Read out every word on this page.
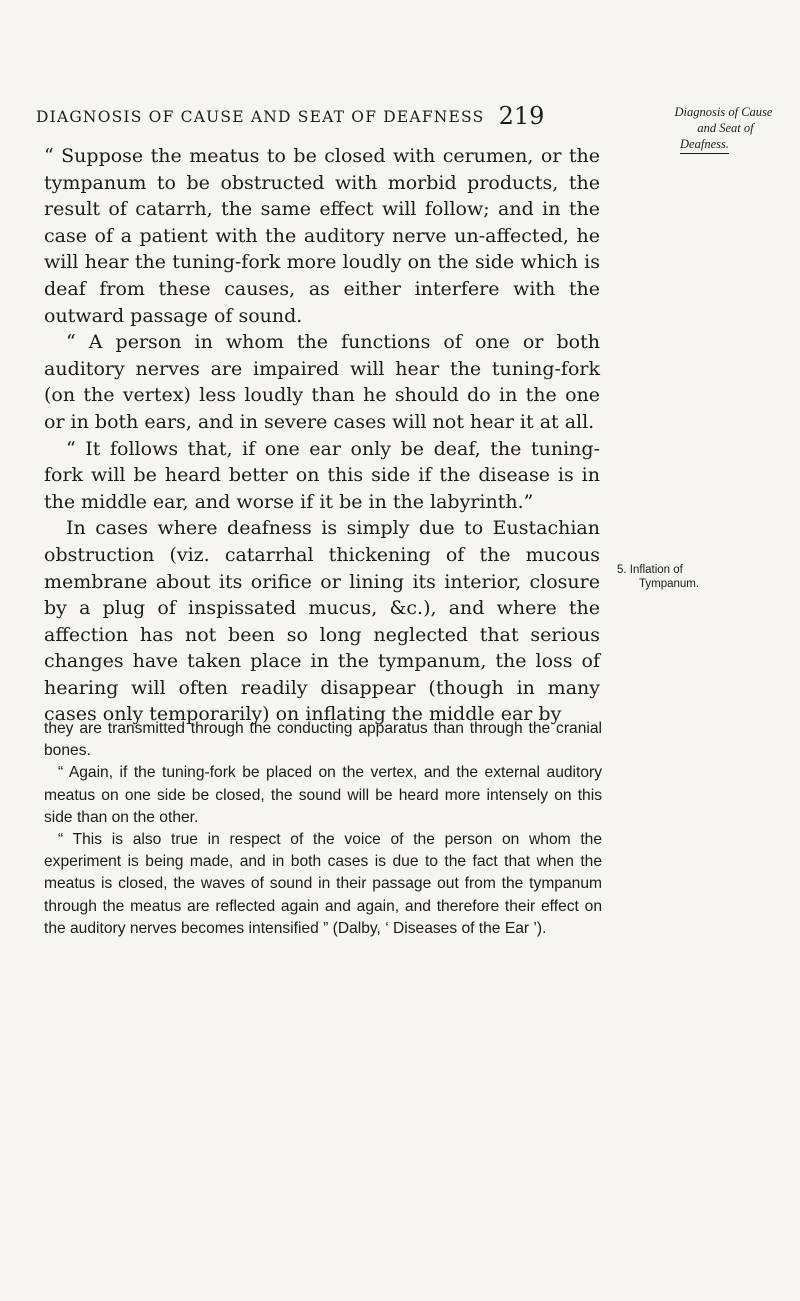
DIAGNOSIS OF CAUSE AND SEAT OF DEAFNESS 219	Diagnosis of Cause
and Seat of
Deafness.

“ Suppose the meatus to be closed with cerumen, or the tympanum to be obstructed with morbid products, the result of catarrh, the same effect will follow; and in the case of a patient with the auditory nerve un-affected, he will hear the tuning-fork more loudly on the side which is deaf from these causes, as either interfere with the outward passage of sound.

“ A person in whom the functions of one or both auditory nerves are impaired will hear the tuning-fork (on the vertex) less loudly than he should do in the one or in both ears, and in severe cases will not hear it at all.

“ It follows that, if one ear only be deaf, the tuning-fork will be heard better on this side if the disease is in the middle ear, and worse if it be in the labyrinth.”

In cases where deafness is simply due to Eustachian obstruction (viz. catarrhal thickening of the mucous membrane about its orifice or lining its interior, closure by a plug of inspissated mucus, &c.), and where the affection has not been so long neglected that serious changes have taken place in the tympanum, the loss of hearing will often readily disappear (though in many cases only temporarily) on inflating the middle ear by

5. Inflation of
Tympanum.

they are transmitted through the conducting apparatus than through the cranial bones.

“ Again, if the tuning-fork be placed on the vertex, and the external auditory meatus on one side be closed, the sound will be heard more intensely on this side than on the other.

“ This is also true in respect of the voice of the person on whom the experiment is being made, and in both cases is due to the fact that when the meatus is closed, the waves of sound in their passage out from the tympanum through the meatus are reflected again and again, and therefore their effect on the auditory nerves becomes intensified ” (Dalby, ‘ Diseases of the Ear ’).
